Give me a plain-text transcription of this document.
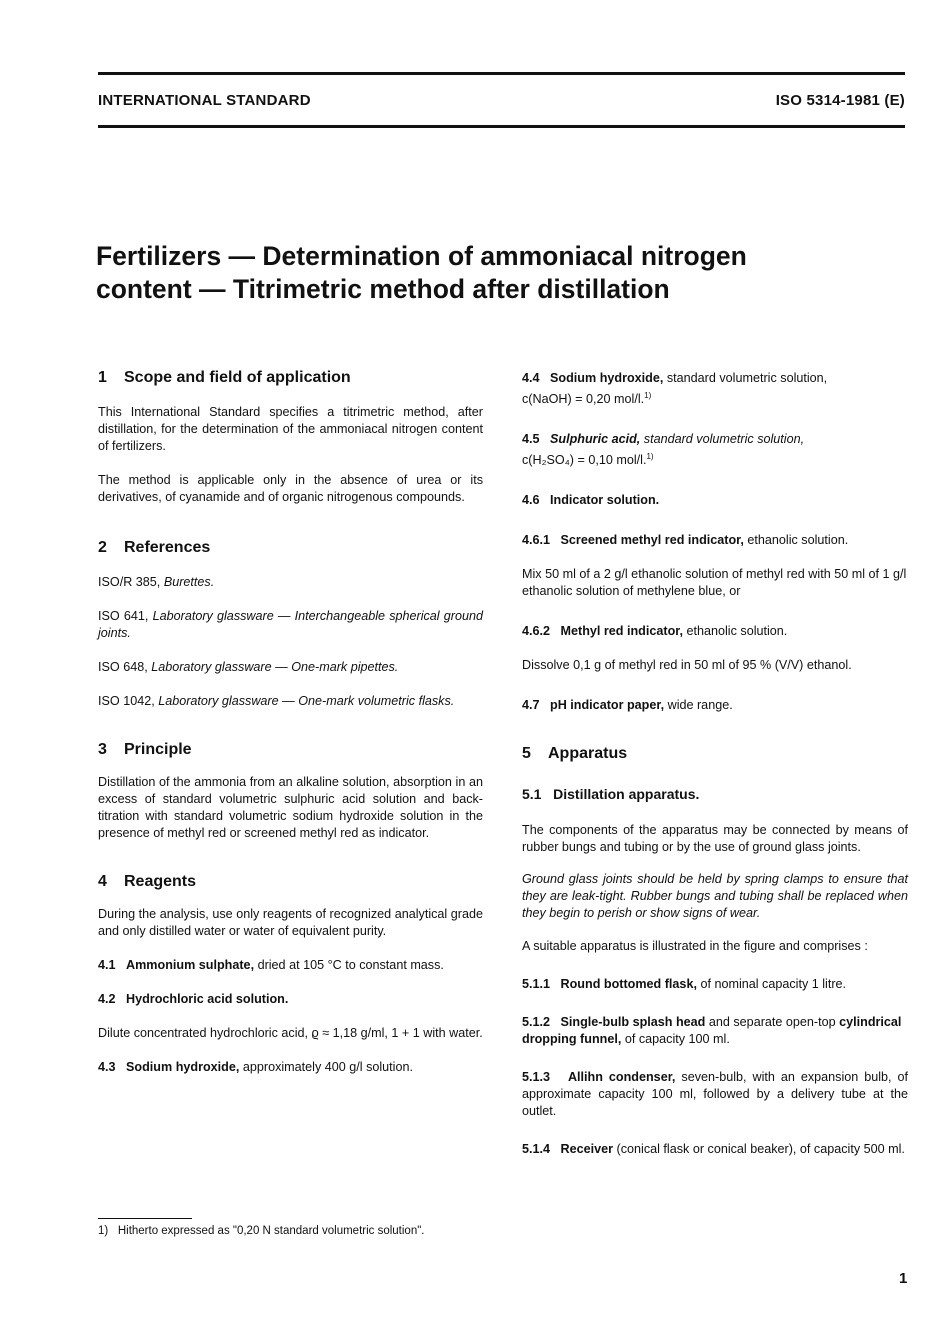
INTERNATIONAL STANDARD	ISO 5314-1981 (E)
Fertilizers — Determination of ammoniacal nitrogen
content — Titrimetric method after distillation
1 Scope and field of application

This International Standard specifies a titrimetric method, after distillation, for the determination of the ammoniacal nitrogen content of fertilizers.

The method is applicable only in the absence of urea or its derivatives, of cyanamide and of organic nitrogenous compounds.

2 References

ISO/R 385, Burettes.

ISO 641, Laboratory glassware — Interchangeable spherical ground joints.

ISO 648, Laboratory glassware — One-mark pipettes.

ISO 1042, Laboratory glassware — One-mark volumetric flasks.

3 Principle

Distillation of the ammonia from an alkaline solution, absorption in an excess of standard volumetric sulphuric acid solution and back-titration with standard volumetric sodium hydroxide solution in the presence of methyl red or screened methyl red as indicator.

4 Reagents

During the analysis, use only reagents of recognized analytical grade and only distilled water or water of equivalent purity.

4.1 Ammonium sulphate, dried at 105 °C to constant mass.

4.2 Hydrochloric acid solution.

Dilute concentrated hydrochloric acid, ϱ ≈ 1,18 g/ml, 1 + 1 with water.

4.3 Sodium hydroxide, approximately 400 g/l solution.

4.4 Sodium hydroxide, standard volumetric solution,
c(NaOH) = 0,20 mol/l.$^{1)}$

4.5 Sulphuric acid, standard volumetric solution,
c(H₂SO₄) = 0,10 mol/l.$^{1)}$

4.6 Indicator solution.

4.6.1 Screened methyl red indicator, ethanolic solution.

Mix 50 ml of a 2 g/l ethanolic solution of methyl red with 50 ml of 1 g/l ethanolic solution of methylene blue, or

4.6.2 Methyl red indicator, ethanolic solution.

Dissolve 0,1 g of methyl red in 50 ml of 95 % (V/V) ethanol.

4.7 pH indicator paper, wide range.

5 Apparatus

5.1 Distillation apparatus.

The components of the apparatus may be connected by means of rubber bungs and tubing or by the use of ground glass joints.

Ground glass joints should be held by spring clamps to ensure that they are leak-tight. Rubber bungs and tubing shall be replaced when they begin to perish or show signs of wear.

A suitable apparatus is illustrated in the figure and comprises :

5.1.1 Round bottomed flask, of nominal capacity 1 litre.

5.1.2 Single-bulb splash head and separate open-top cylindrical dropping funnel, of capacity 100 ml.

5.1.3 Allihn condenser, seven-bulb, with an expansion bulb, of approximate capacity 100 ml, followed by a delivery tube at the outlet.

5.1.4 Receiver (conical flask or conical beaker), of capacity 500 ml.

1) Hitherto expressed as "0,20 N standard volumetric solution".
1
